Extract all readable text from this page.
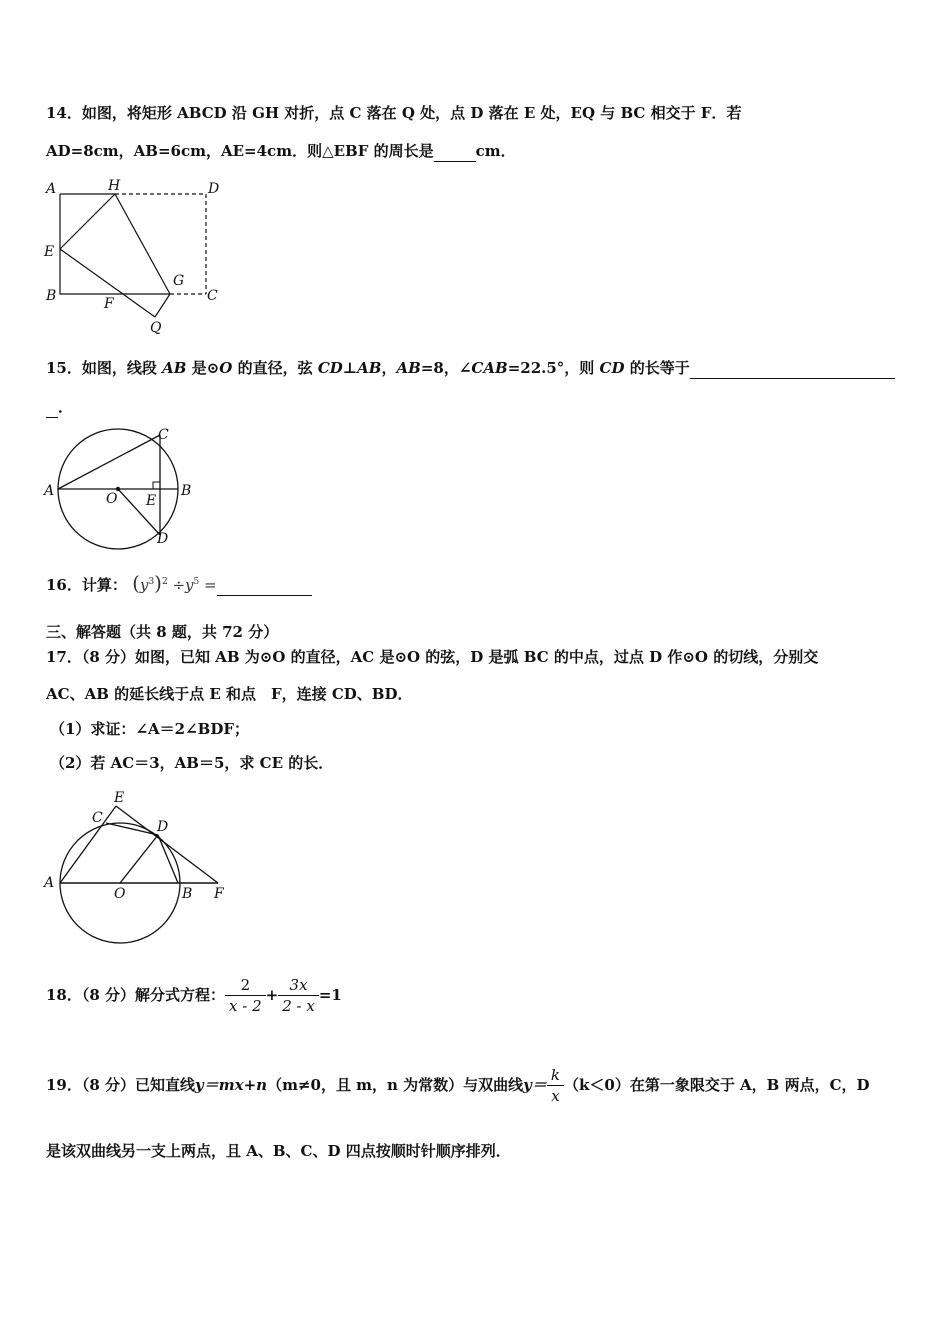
14．如图，将矩形 ABCD 沿 GH 对折，点 C 落在 Q 处，点 D 落在 E 处，EQ 与 BC 相交于 F．若
AD=8cm，AB=6cm，AE=4cm．则△EBF 的周长是	cm．
A	H	D
E
G
B	F	C
Q
15．如图，线段 AB 是⊙O 的直径，弦 CD⊥AB，AB=8，∠CAB=22.5°，则 CD 的长等于
．
A	O E
B
C
D
16．计算： $(y^3)^2 \div y^5$ =
三、解答题（共 8 题，共 72 分）
17．（8 分）如图，已知 AB 为⊙O 的直径，AC 是⊙O 的弦，D 是弧 BC 的中点，过点 D 作⊙O 的切线，分别交
AC、AB 的延长线于点 E 和点　F，连接 CD、BD．
（1）求证：∠A＝2∠BDF；
（2）若 AC＝3，AB＝5，求 CE 的长．
E
C
D
A
O	B F
18．（8 分）解分式方程： $\frac{2}{x - 2} + \frac{3x}{2 - x} =1$
19．（8 分）已知直线 y＝mx+n （m≠0，且 m，n 为常数）与双曲线 $y= \frac{k}{x} (k<0)$在第一象限交于 A，B 两点，C，D
是该双曲线另一支上两点，且 A、B、C、D 四点按顺时针顺序排列．
